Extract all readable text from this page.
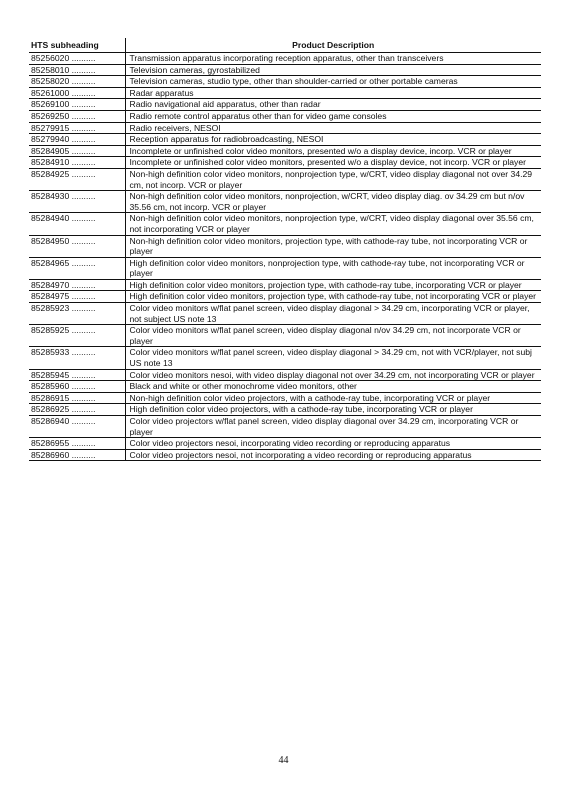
HTS subheading	Product Description
85256020 ..........	Transmission apparatus incorporating reception apparatus, other than transceivers
85258010 ..........	Television cameras, gyrostabilized
85258020 ..........	Television cameras, studio type, other than shoulder-carried or other portable cameras
85261000 ..........	Radar apparatus
85269100 ..........	Radio navigational aid apparatus, other than radar
85269250 ..........	Radio remote control apparatus other than for video game consoles
85279915 ..........	Radio receivers, NESOI
85279940 ..........	Reception apparatus for radiobroadcasting, NESOI
85284905 ..........	Incomplete or unfinished color video monitors, presented w/o a display device, incorp. VCR or player
85284910 ..........	Incomplete or unfinished color video monitors, presented w/o a display device, not incorp. VCR or player
85284925 ..........	Non-high definition color video monitors, nonprojection type, w/CRT, video display diagonal not over 34.29 cm, not incorp. VCR or player
85284930 ..........	Non-high definition color video monitors, nonprojection, w/CRT, video display diag. ov 34.29 cm but n/ov 35.56 cm, not incorp. VCR or player
85284940 ..........	Non-high definition color video monitors, nonprojection type, w/CRT, video display diagonal over 35.56 cm, not incorporating VCR or player
85284950 ..........	Non-high definition color video monitors, projection type, with cathode-ray tube, not incorporating VCR or player
85284965 ..........	High definition color video monitors, nonprojection type, with cathode-ray tube, not incorporating VCR or player
85284970 ..........	High definition color video monitors, projection type, with cathode-ray tube, incorporating VCR or player
85284975 ..........	High definition color video monitors, projection type, with cathode-ray tube, not incorporating VCR or player
85285923 ..........	Color video monitors w/flat panel screen, video display diagonal > 34.29 cm, incorporating VCR or player, not subject US note 13
85285925 ..........	Color video monitors w/flat panel screen, video display diagonal n/ov 34.29 cm, not incorporate VCR or player
85285933 ..........	Color video monitors w/flat panel screen, video display diagonal > 34.29 cm, not with VCR/player, not subj US note 13
85285945 ..........	Color video monitors nesoi, with video display diagonal not over 34.29 cm, not incorporating VCR or player
85285960 ..........	Black and white or other monochrome video monitors, other
85286915 ..........	Non-high definition color video projectors, with a cathode-ray tube, incorporating VCR or player
85286925 ..........	High definition color video projectors, with a cathode-ray tube, incorporating VCR or player
85286940 ..........	Color video projectors w/flat panel screen, video display diagonal over 34.29 cm, incorporating VCR or player
85286955 ..........	Color video projectors nesoi, incorporating video recording or reproducing apparatus
85286960 ..........	Color video projectors nesoi, not incorporating a video recording or reproducing apparatus
44
